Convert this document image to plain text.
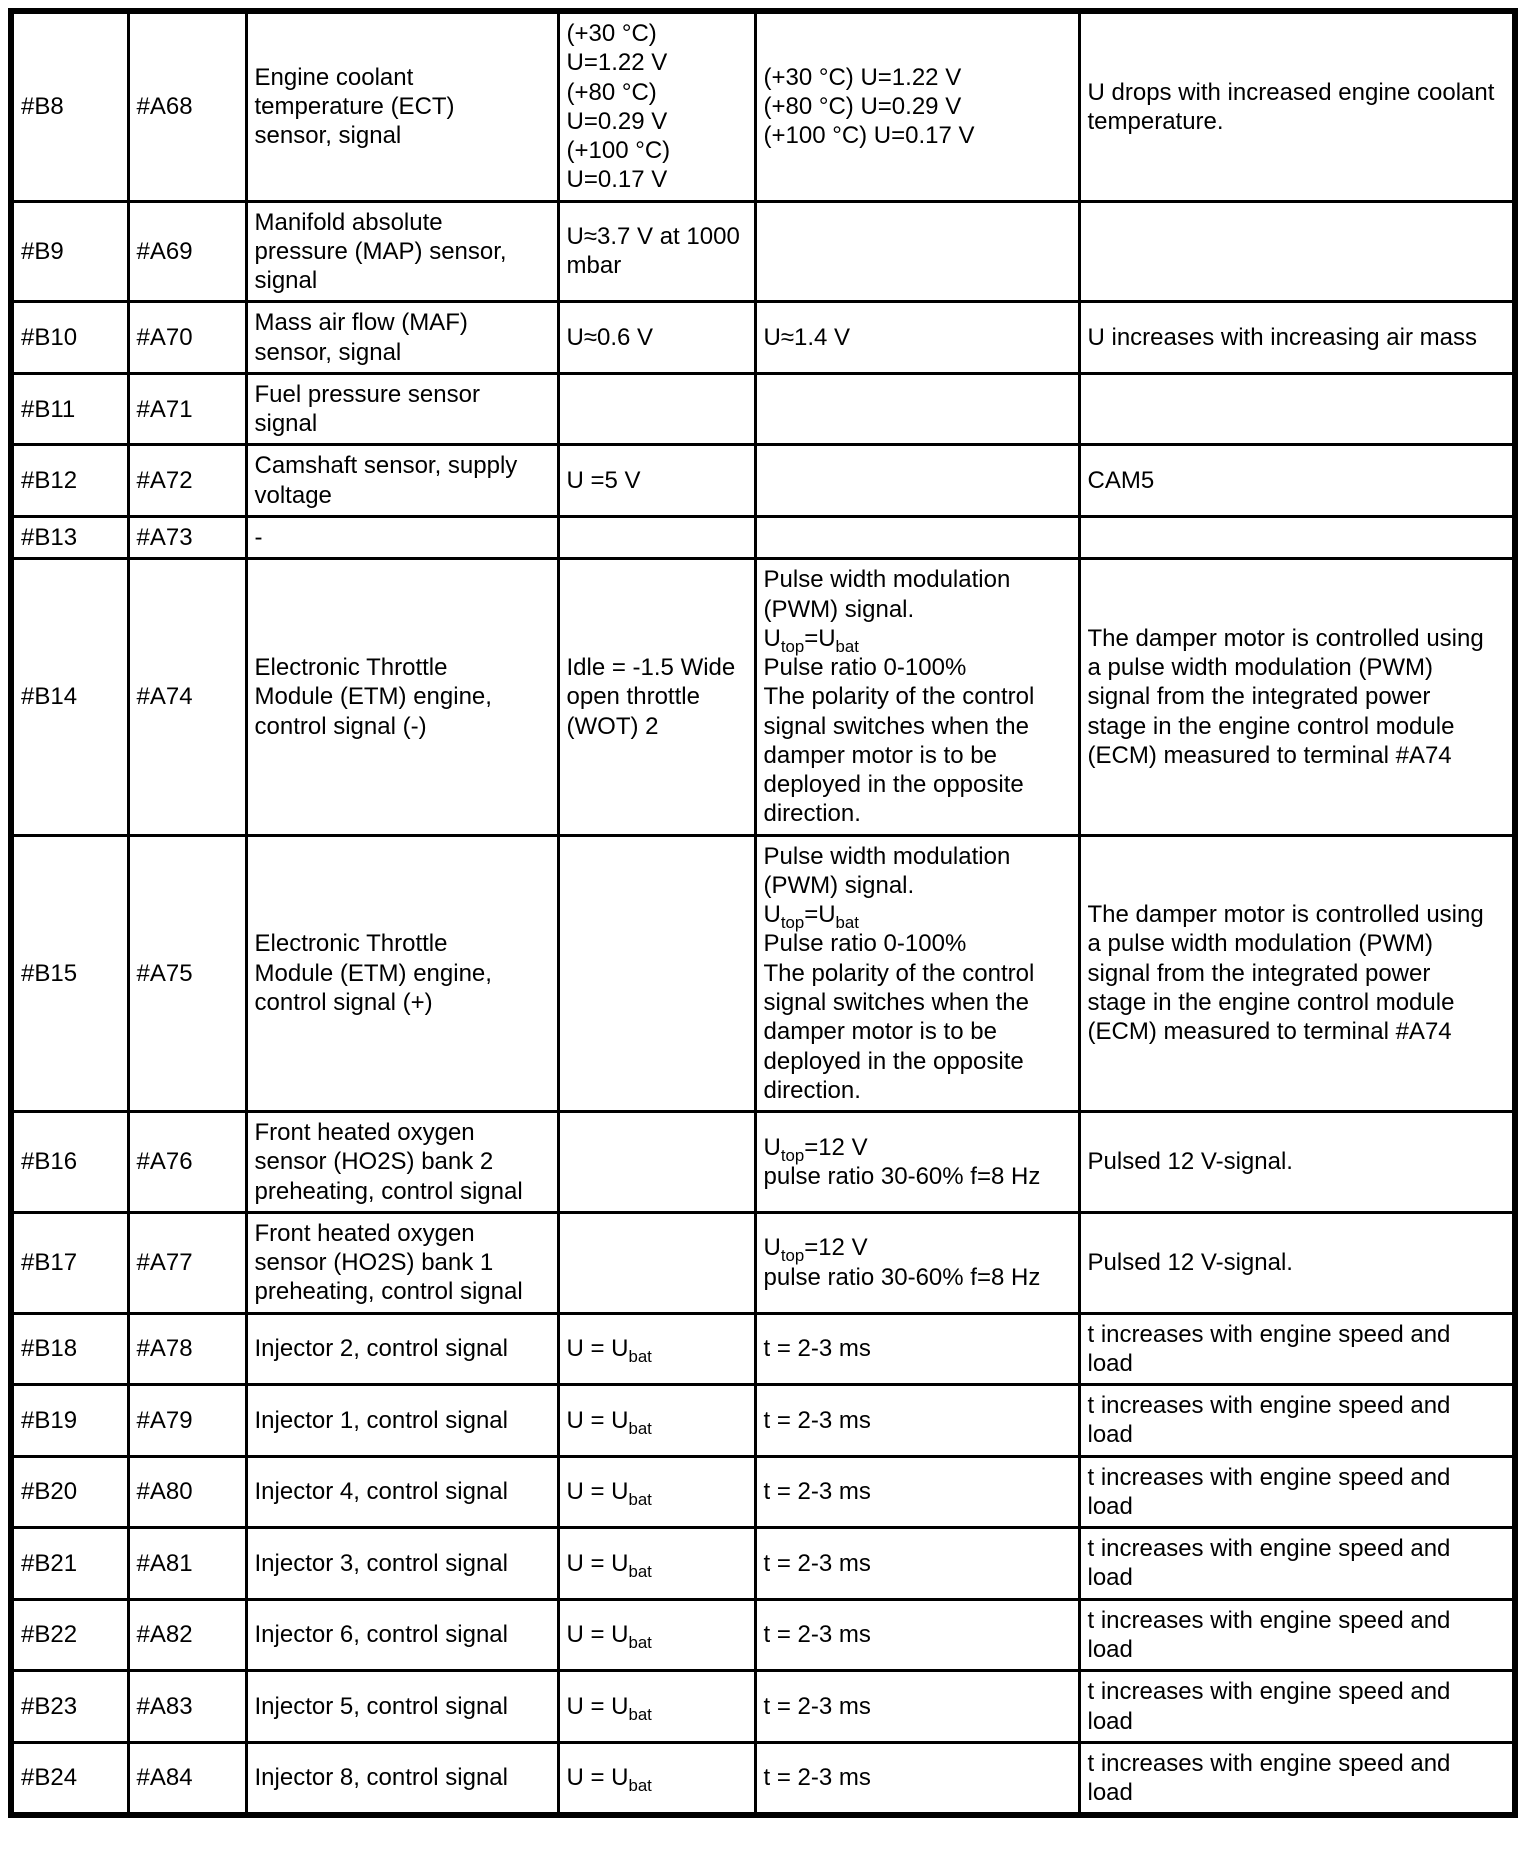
#B8	#A68	Engine coolant
temperature (ECT)
sensor, signal	(+30 °C)
U=1.22 V
(+80 °C)
U=0.29 V
(+100 °C)
U=0.17 V	(+30 °C) U=1.22 V
(+80 °C) U=0.29 V
(+100 °C) U=0.17 V	U drops with increased engine coolant
temperature.
#B9	#A69	Manifold absolute
pressure (MAP) sensor,
signal	U≈3.7 V at 1000
mbar		
#B10	#A70	Mass air flow (MAF)
sensor, signal	U≈0.6 V	U≈1.4 V	U increases with increasing air mass
#B11	#A71	Fuel pressure sensor
signal			
#B12	#A72	Camshaft sensor, supply
voltage	U =5 V		CAM5
#B13	#A73	-			
#B14	#A74	Electronic Throttle
Module (ETM) engine,
control signal (-)	Idle = -1.5 Wide
open throttle
(WOT) 2	Pulse width modulation
(PWM) signal.
$U_{top}=U_{bat}$
Pulse ratio 0-100%
The polarity of the control
signal switches when the
damper motor is to be
deployed in the opposite
direction.	The damper motor is controlled using
a pulse width modulation (PWM)
signal from the integrated power
stage in the engine control module
(ECM) measured to terminal #A74
#B15	#A75	Electronic Throttle
Module (ETM) engine,
control signal (+)		Pulse width modulation
(PWM) signal.
$U_{top}=U_{bat}$
Pulse ratio 0-100%
The polarity of the control
signal switches when the
damper motor is to be
deployed in the opposite
direction.	The damper motor is controlled using
a pulse width modulation (PWM)
signal from the integrated power
stage in the engine control module
(ECM) measured to terminal #A74
#B16	#A76	Front heated oxygen
sensor (HO2S) bank 2
preheating, control signal		$U_{top}=12$ V
pulse ratio 30-60% f=8 Hz	Pulsed 12 V-signal.
#B17	#A77	Front heated oxygen
sensor (HO2S) bank 1
preheating, control signal		$U_{top}=12$ V
pulse ratio 30-60% f=8 Hz	Pulsed 12 V-signal.
#B18	#A78	Injector 2, control signal	$U = U_{bat}$	t = 2-3 ms	t increases with engine speed and
load
#B19	#A79	Injector 1, control signal	$U = U_{bat}$	t = 2-3 ms	t increases with engine speed and
load
#B20	#A80	Injector 4, control signal	$U = U_{bat}$	t = 2-3 ms	t increases with engine speed and
load
#B21	#A81	Injector 3, control signal	$U = U_{bat}$	t = 2-3 ms	t increases with engine speed and
load
#B22	#A82	Injector 6, control signal	$U = U_{bat}$	t = 2-3 ms	t increases with engine speed and
load
#B23	#A83	Injector 5, control signal	$U = U_{bat}$	t = 2-3 ms	t increases with engine speed and
load
#B24	#A84	Injector 8, control signal	$U = U_{bat}$	t = 2-3 ms	t increases with engine speed and
load
